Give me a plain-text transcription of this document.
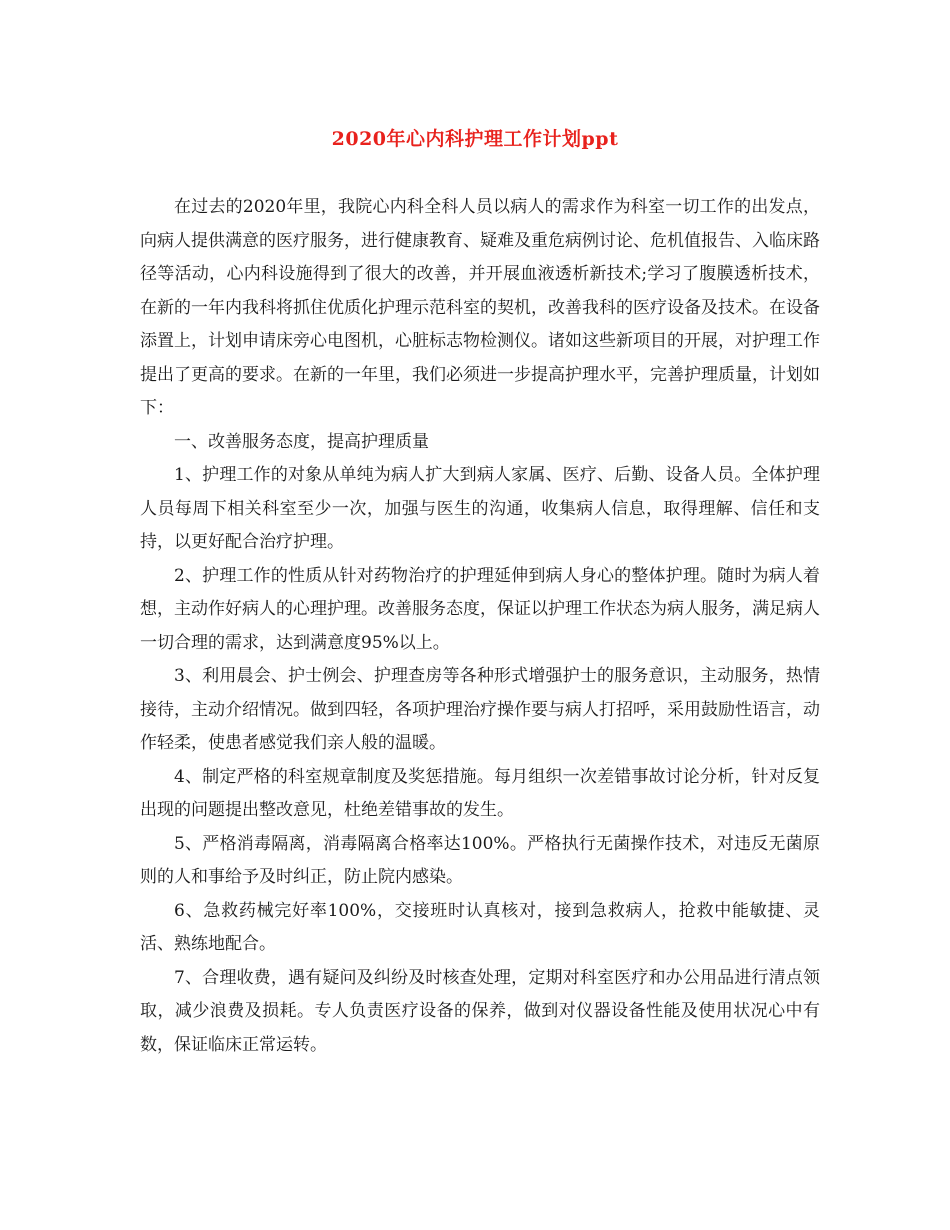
2020年心内科护理工作计划ppt

在过去的2020年里，我院心内科全科人员以病人的需求作为科室一切工作的出发点，向病人提供满意的医疗服务，进行健康教育、疑难及重危病例讨论、危机值报告、入临床路径等活动，心内科设施得到了很大的改善，并开展血液透析新技术;学习了腹膜透析技术，在新的一年内我科将抓住优质化护理示范科室的契机，改善我科的医疗设备及技术。在设备添置上，计划申请床旁心电图机，心脏标志物检测仪。诸如这些新项目的开展，对护理工作提出了更高的要求。在新的一年里，我们必须进一步提高护理水平，完善护理质量，计划如下：

一、改善服务态度，提高护理质量

1、护理工作的对象从单纯为病人扩大到病人家属、医疗、后勤、设备人员。全体护理人员每周下相关科室至少一次，加强与医生的沟通，收集病人信息，取得理解、信任和支持，以更好配合治疗护理。

2、护理工作的性质从针对药物治疗的护理延伸到病人身心的整体护理。随时为病人着想，主动作好病人的心理护理。改善服务态度，保证以护理工作状态为病人服务，满足病人一切合理的需求，达到满意度95%以上。

3、利用晨会、护士例会、护理查房等各种形式增强护士的服务意识，主动服务，热情接待，主动介绍情况。做到四轻，各项护理治疗操作要与病人打招呼，采用鼓励性语言，动作轻柔，使患者感觉我们亲人般的温暖。

4、制定严格的科室规章制度及奖惩措施。每月组织一次差错事故讨论分析，针对反复出现的问题提出整改意见，杜绝差错事故的发生。

5、严格消毒隔离，消毒隔离合格率达100%。严格执行无菌操作技术，对违反无菌原则的人和事给予及时纠正，防止院内感染。

6、急救药械完好率100%，交接班时认真核对，接到急救病人，抢救中能敏捷、灵活、熟练地配合。

7、合理收费，遇有疑问及纠纷及时核查处理，定期对科室医疗和办公用品进行清点领取，减少浪费及损耗。专人负责医疗设备的保养，做到对仪器设备性能及使用状况心中有数，保证临床正常运转。
